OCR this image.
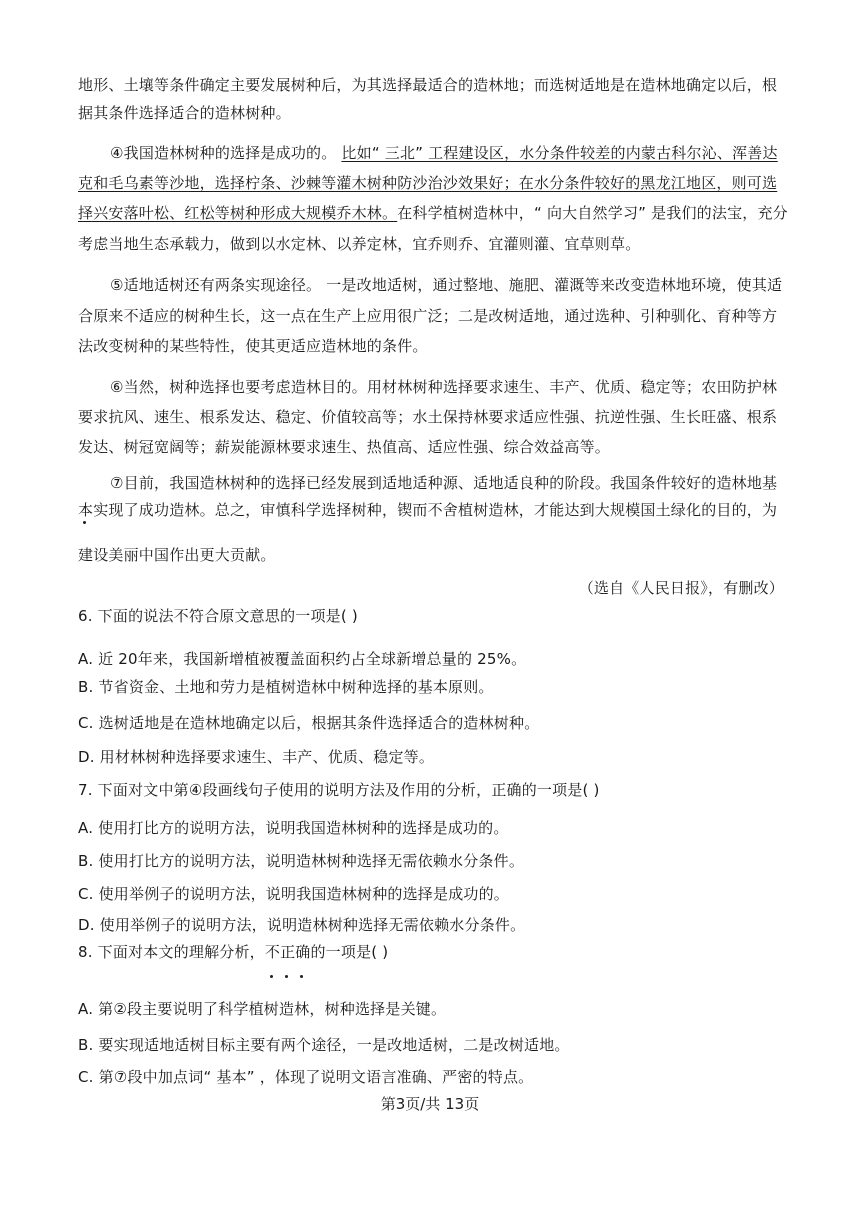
地形、土壤等条件确定主要发展树种后，为其选择最适合的造林地；而选树适地是在造林地确定以后，根
据其条件选择适合的造林树种。
④我国造林树种的选择是成功的。 比如“ 三北” 工程建设区，水分条件较差的内蒙古科尔沁、浑善达
克和毛乌素等沙地，选择柠条、沙棘等灌木树种防沙治沙效果好；在水分条件较好的黑龙江地区，则可选
择兴安落叶松、红松等树种形成大规模乔木林。在科学植树造林中，“ 向大自然学习” 是我们的法宝，充分
考虑当地生态承载力，做到以水定林、以养定林，宜乔则乔、宜灌则灌、宜草则草。
⑤适地适树还有两条实现途径。 一是改地适树，通过整地、施肥、灌溉等来改变造林地环境，使其适
合原来不适应的树种生长，这一点在生产上应用很广泛；二是改树适地，通过选种、引种驯化、育种等方
法改变树种的某些特性，使其更适应造林地的条件。
⑥当然，树种选择也要考虑造林目的。用材林树种选择要求速生、丰产、优质、稳定等；农田防护林
要求抗风、速生、根系发达、稳定、价值较高等；水土保持林要求适应性强、抗逆性强、生长旺盛、根系
发达、树冠宽阔等；薪炭能源林要求速生、热值高、适应性强、综合效益高等。
⑦目前，我国造林树种的选择已经发展到适地适种源、适地适良种的阶段。我国条件较好的造林地基
本实现了成功造林。总之，审慎科学选择树种，锲而不舍植树造林，才能达到大规模国土绿化的目的，为
建设美丽中国作出更大贡献。
（选自《人民日报》，有删改）
6. 下面的说法不符合原文意思的一项是( )
A. 近 20年来，我国新增植被覆盖面积约占全球新增总量的 25%。
B. 节省资金、土地和劳力是植树造林中树种选择的基本原则。
C. 选树适地是在造林地确定以后，根据其条件选择适合的造林树种。
D. 用材林树种选择要求速生、丰产、优质、稳定等。
7. 下面对文中第④段画线句子使用的说明方法及作用的分析，正确的一项是( )
A. 使用打比方的说明方法，说明我国造林树种的选择是成功的。
B. 使用打比方的说明方法，说明造林树种选择无需依赖水分条件。
C. 使用举例子的说明方法，说明我国造林树种的选择是成功的。
D. 使用举例子的说明方法，说明造林树种选择无需依赖水分条件。
8. 下面对本文的理解分析，不正确的一项是( )
A. 第②段主要说明了科学植树造林，树种选择是关键。
B. 要实现适地适树目标主要有两个途径，一是改地适树，二是改树适地。
C. 第⑦段中加点词“ 基本” ，体现了说明文语言准确、严密的特点。
第3页/共 13页
